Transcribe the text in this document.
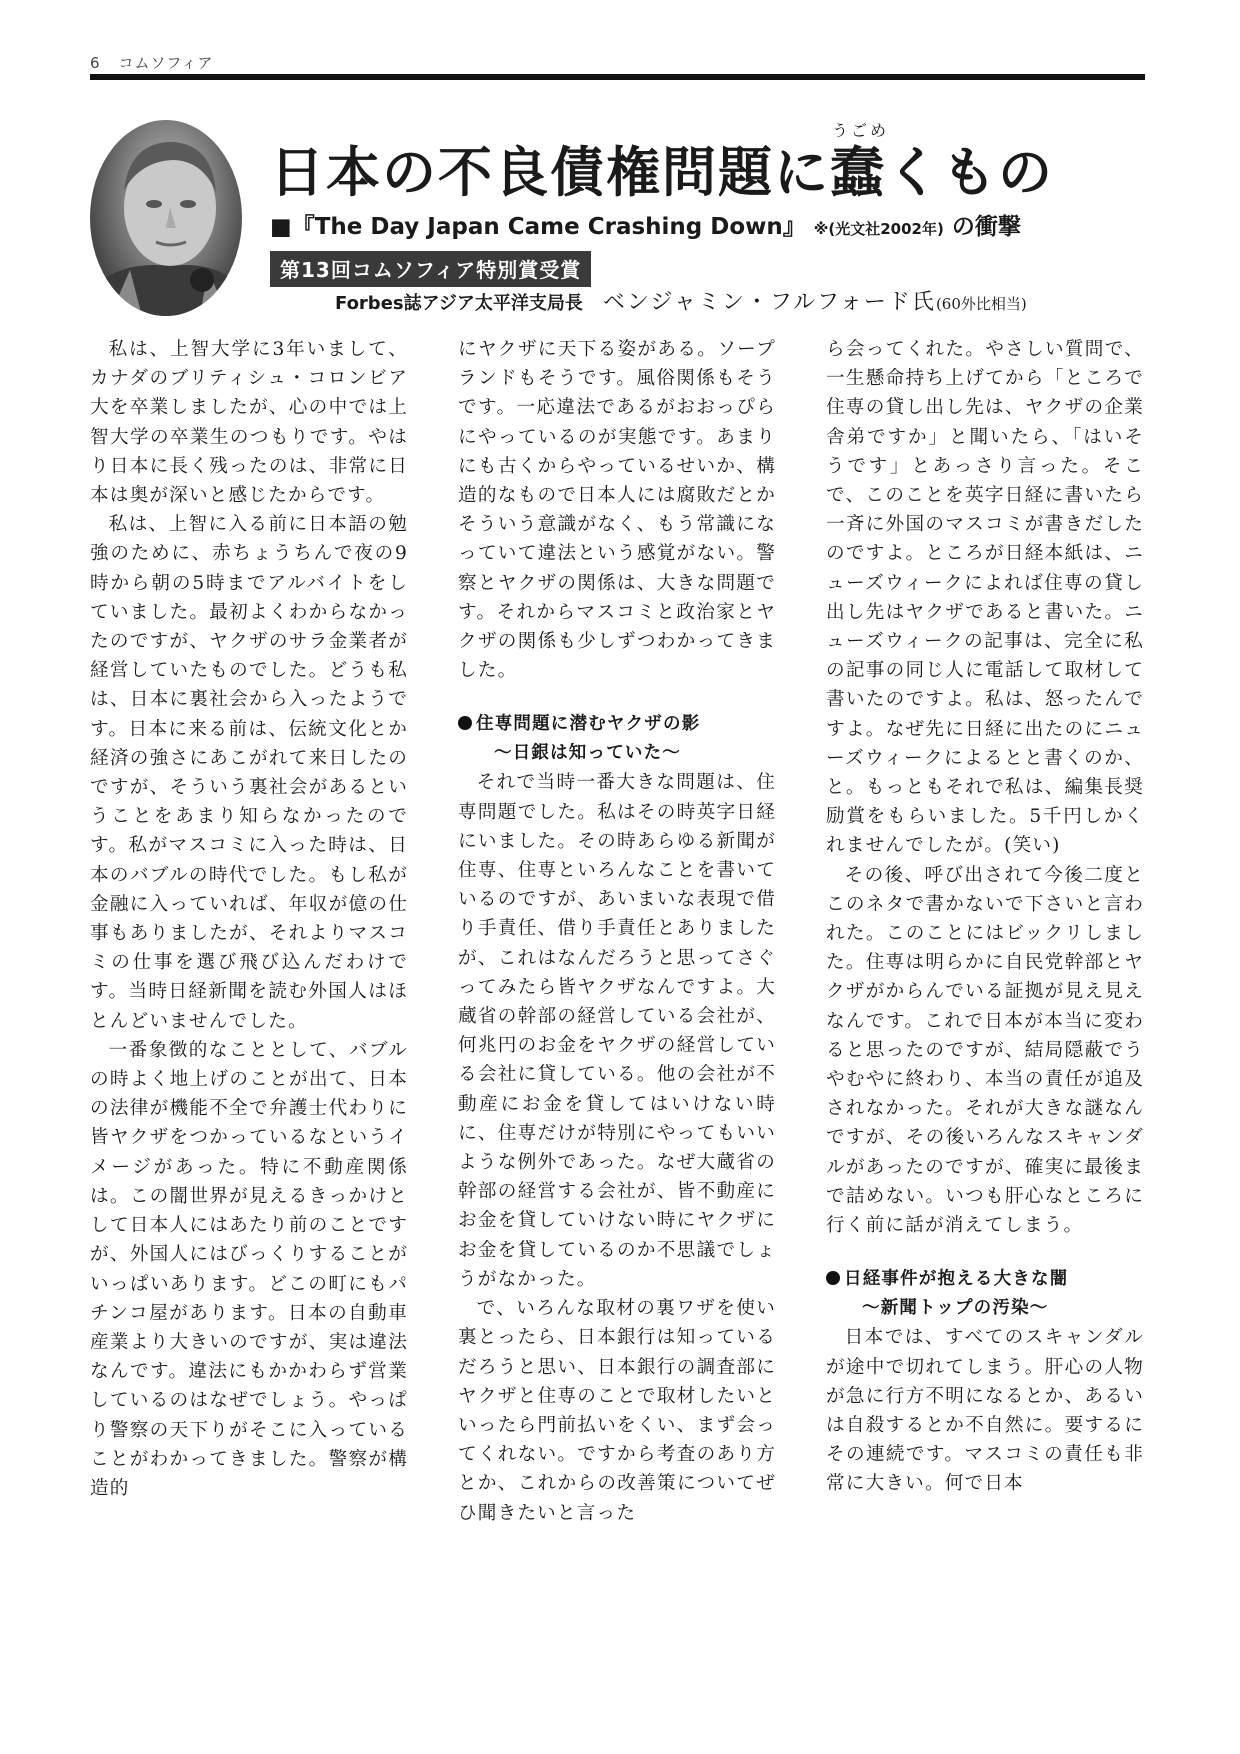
6 コムソフィア
うごめ
日本の不良債権問題に蠢くもの
■『The Day Japan Came Crashing Down』 ※(光文社2002年) の衝撃
第13回コムソフィア特別賞受賞
Forbes誌アジア太平洋支局長 ベンジャミン・フルフォード氏(60外比相当)

私は、上智大学に3年いまして、カナダのブリティシュ・コロンビア大を卒業しましたが、心の中では上智大学の卒業生のつもりです。やはり日本に長く残ったのは、非常に日本は奥が深いと感じたからです。

私は、上智に入る前に日本語の勉強のために、赤ちょうちんで夜の9時から朝の5時までアルバイトをしていました。最初よくわからなかったのですが、ヤクザのサラ金業者が経営していたものでした。どうも私は、日本に裏社会から入ったようです。日本に来る前は、伝統文化とか経済の強さにあこがれて来日したのですが、そういう裏社会があるということをあまり知らなかったのです。私がマスコミに入った時は、日本のバブルの時代でした。もし私が金融に入っていれば、年収が億の仕事もありましたが、それよりマスコミの仕事を選び飛び込んだわけです。当時日経新聞を読む外国人はほとんどいませんでした。

一番象徴的なこととして、バブルの時よく地上げのことが出て、日本の法律が機能不全で弁護士代わりに皆ヤクザをつかっているなというイメージがあった。特に不動産関係は。この闇世界が見えるきっかけとして日本人にはあたり前のことですが、外国人にはびっくりすることがいっぱいあります。どこの町にもパチンコ屋があります。日本の自動車産業より大きいのですが、実は違法なんです。違法にもかかわらず営業しているのはなぜでしょう。やっぱり警察の天下りがそこに入っていることがわかってきました。警察が構造的

にヤクザに天下る姿がある。ソープランドもそうです。風俗関係もそうです。一応違法であるがおおっぴらにやっているのが実態です。あまりにも古くからやっているせいか、構造的なもので日本人には腐敗だとかそういう意識がなく、もう常識になっていて違法という感覚がない。警察とヤクザの関係は、大きな問題です。それからマスコミと政治家とヤクザの関係も少しずつわかってきました。

住専問題に潜むヤクザの影
～日銀は知っていた～

それで当時一番大きな問題は、住専問題でした。私はその時英字日経にいました。その時あらゆる新聞が住専、住専といろんなことを書いているのですが、あいまいな表現で借り手責任、借り手責任とありましたが、これはなんだろうと思ってさぐってみたら皆ヤクザなんですよ。大蔵省の幹部の経営している会社が、何兆円のお金をヤクザの経営している会社に貸している。他の会社が不動産にお金を貸してはいけない時に、住専だけが特別にやってもいいような例外であった。なぜ大蔵省の幹部の経営する会社が、皆不動産にお金を貸していけない時にヤクザにお金を貸しているのか不思議でしょうがなかった。

で、いろんな取材の裏ワザを使い裏とったら、日本銀行は知っているだろうと思い、日本銀行の調査部にヤクザと住専のことで取材したいといったら門前払いをくい、まず会ってくれない。ですから考査のあり方とか、これからの改善策についてぜひ聞きたいと言った

ら会ってくれた。やさしい質問で、一生懸命持ち上げてから「ところで住専の貸し出し先は、ヤクザの企業舎弟ですか」と聞いたら、「はいそうです」とあっさり言った。そこで、このことを英字日経に書いたら一斉に外国のマスコミが書きだしたのですよ。ところが日経本紙は、ニューズウィークによれば住専の貸し出し先はヤクザであると書いた。ニューズウィークの記事は、完全に私の記事の同じ人に電話して取材して書いたのですよ。私は、怒ったんですよ。なぜ先に日経に出たのにニューズウィークによるとと書くのか、と。もっともそれで私は、編集長奨励賞をもらいました。5千円しかくれませんでしたが。(笑い)

その後、呼び出されて今後二度とこのネタで書かないで下さいと言われた。このことにはビックリしました。住専は明らかに自民党幹部とヤクザがからんでいる証拠が見え見えなんです。これで日本が本当に変わると思ったのですが、結局隠蔽でうやむやに終わり、本当の責任が追及されなかった。それが大きな謎なんですが、その後いろんなスキャンダルがあったのですが、確実に最後まで詰めない。いつも肝心なところに行く前に話が消えてしまう。

日経事件が抱える大きな闇
～新聞トップの汚染～

日本では、すべてのスキャンダルが途中で切れてしまう。肝心の人物が急に行方不明になるとか、あるいは自殺するとか不自然に。要するにその連続です。マスコミの責任も非常に大きい。何で日本
